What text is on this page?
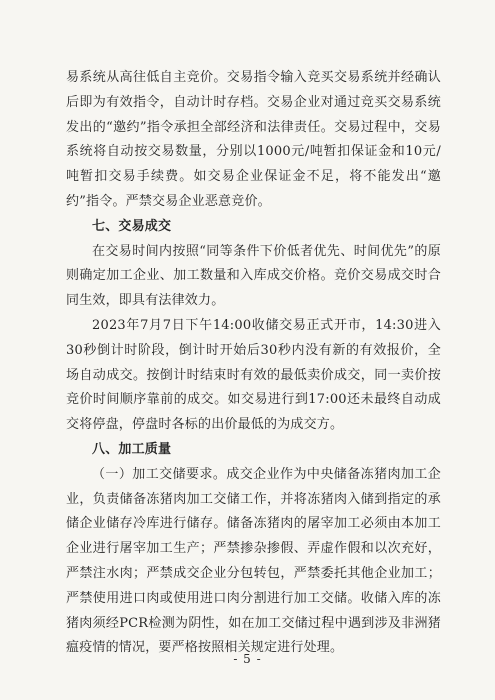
易系统从高往低自主竞价。交易指令输入竞买交易系统并经确认后即为有效指令，自动计时存档。交易企业对通过竞买交易系统发出的“邀约”指令承担全部经济和法律责任。交易过程中，交易系统将自动按交易数量，分别以1000元/吨暂扣保证金和10元/吨暂扣交易手续费。如交易企业保证金不足，将不能发出“邀约”指令。严禁交易企业恶意竞价。

七、交易成交

在交易时间内按照“同等条件下价低者优先、时间优先”的原则确定加工企业、加工数量和入库成交价格。竞价交易成交时合同生效，即具有法律效力。

2023年7月7日下午14:00收储交易正式开市，14:30进入30秒倒计时阶段，倒计时开始后30秒内没有新的有效报价，全场自动成交。按倒计时结束时有效的最低卖价成交，同一卖价按竞价时间顺序靠前的成交。如交易进行到17:00还未最终自动成交将停盘，停盘时各标的出价最低的为成交方。

八、加工质量

（一）加工交储要求。成交企业作为中央储备冻猪肉加工企业，负责储备冻猪肉加工交储工作，并将冻猪肉入储到指定的承储企业储存冷库进行储存。储备冻猪肉的屠宰加工必须由本加工企业进行屠宰加工生产；严禁掺杂掺假、弄虚作假和以次充好，严禁注水肉；严禁成交企业分包转包，严禁委托其他企业加工；严禁使用进口肉或使用进口肉分割进行加工交储。收储入库的冻猪肉须经PCR检测为阴性，如在加工交储过程中遇到涉及非洲猪瘟疫情的情况，要严格按照相关规定进行处理。

- 5 -
